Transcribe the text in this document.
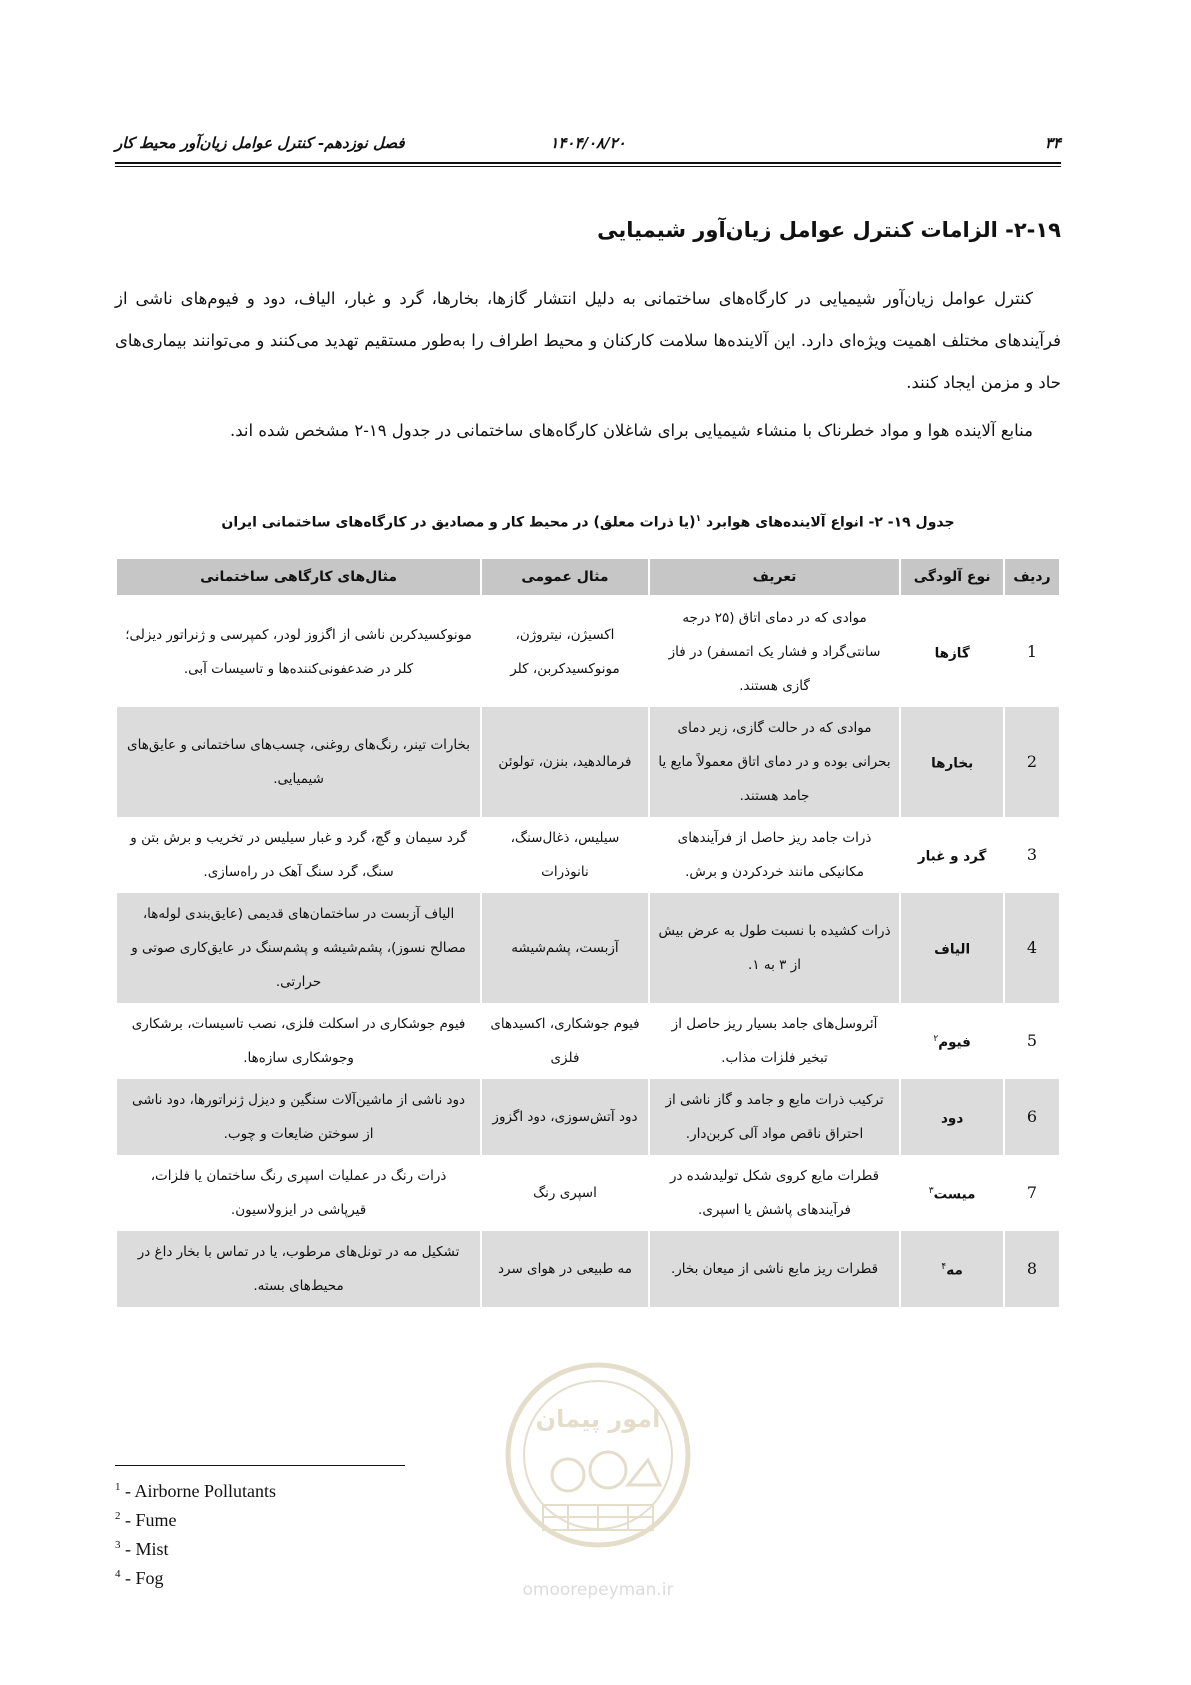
۳۴
۱۴۰۴/۰۸/۲۰
فصل نوزدهم- کنترل عوامل زیان‌آور محیط کار
۲-۱۹- الزامات کنترل عوامل زیان‌آور شیمیایی

کنترل عوامل زیان‌آور شیمیایی در کارگاه‌های ساختمانی به دلیل انتشار گازها، بخارها، گرد و غبار، الیاف، دود و فیوم‌های ناشی از فرآیندهای مختلف اهمیت ویژه‌ای دارد. این آلاینده‌ها سلامت کارکنان و محیط اطراف را به‌طور مستقیم تهدید می‌کنند و می‌توانند بیماری‌های حاد و مزمن ایجاد کنند.

منابع آلاینده هوا و مواد خطرناک با منشاء شیمیایی برای شاغلان کارگاه‌های ساختمانی در جدول ۱۹-۲ مشخص شده اند.

جدول ۱۹- ۲- انواع آلاینده‌های هوابرد $^۱$(یا ذرات معلق) در محیط کار و مصادیق در کارگاه‌های ساختمانی ایران
ردیف	نوع آلودگی	تعریف	مثال عمومی	مثال‌های کارگاهی ساختمانی
1	گازها	موادی که در دمای اتاق (۲۵ درجه سانتی‌گراد و فشار یک اتمسفر) در فاز گازی هستند.	اکسیژن، نیتروژن، مونوکسیدکربن، کلر	مونوکسیدکربن ناشی از اگزوز لودر، کمپرسی و ژنراتور دیزلی؛ کلر در ضدعفونی‌کننده‌ها و تاسیسات آبی.
2	بخارها	موادی که در حالت گازی، زیر دمای بحرانی بوده و در دمای اتاق معمولاً مایع یا جامد هستند.	فرمالدهید، بنزن، تولوئن	بخارات تینر، رنگ‌های روغنی، چسب‌های ساختمانی و عایق‌های شیمیایی.
3	گرد و غبار	ذرات جامد ریز حاصل از فرآیندهای مکانیکی مانند خردکردن و برش.	سیلیس، ذغال‌سنگ، نانوذرات	گرد سیمان و گچ، گرد و غبار سیلیس در تخریب و برش بتن و سنگ، گرد سنگ آهک در راه‌سازی.
4	الیاف	ذرات کشیده با نسبت طول به عرض بیش از ۳ به ۱.	آزبست، پشم‌شیشه	الیاف آزبست در ساختمان‌های قدیمی (عایق‌بندی لوله‌ها، مصالح نسوز)، پشم‌شیشه و پشم‌سنگ در عایق‌کاری صوتی و حرارتی.
5	فیوم$^۲$	آئروسل‌های جامد بسیار ریز حاصل از تبخیر فلزات مذاب.	فیوم جوشکاری، اکسیدهای فلزی	فیوم جوشکاری در اسکلت فلزی، نصب تاسیسات، برشکاری وجوشکاری سازه‌ها.
6	دود	ترکیب ذرات مایع و جامد و گاز ناشی از احتراق ناقص مواد آلی کربن‌دار.	دود آتش‌سوزی، دود اگزوز	دود ناشی از ماشین‌آلات سنگین و دیزل ژنراتورها، دود ناشی از سوختن ضایعات و چوب.
7	میست$^۳$	قطرات مایع کروی شکل تولیدشده در فرآیندهای پاشش یا اسپری.	اسپری رنگ	ذرات رنگ در عملیات اسپری رنگ ساختمان یا فلزات، قیرپاشی در ایزولاسیون.
8	مه$^۴$	قطرات ریز مایع ناشی از میعان بخار.	مه طبیعی در هوای سرد	تشکیل مه در تونل‌های مرطوب، یا در تماس با بخار داغ در محیط‌های بسته.
امور پیمان
omoorepeyman.ir
$^1$ - Airborne Pollutants
$^2$ - Fume
$^3$ - Mist
$^4$ - Fog
